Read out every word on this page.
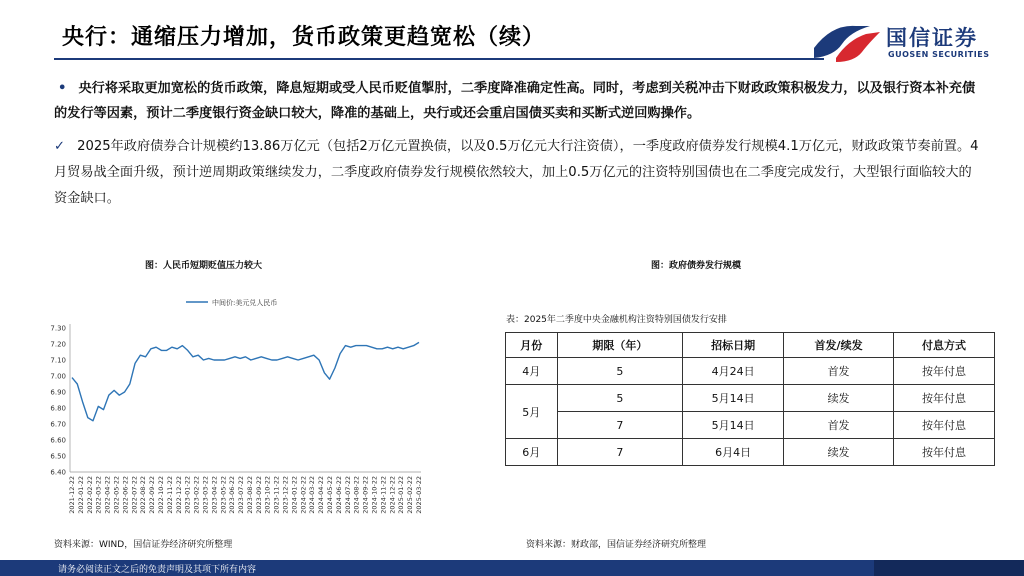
央行：通缩压力增加，货币政策更趋宽松（续）	国信证券
GUOSEN SECURITIES
• 央行将采取更加宽松的货币政策，降息短期或受人民币贬值掣肘，二季度降准确定性高。同时，考虑到关税冲击下财政政策积极发力，以及银行资本补充债的发行等因素，预计二季度银行资金缺口较大，降准的基础上，央行或还会重启国债买卖和买断式逆回购操作。
✓ 2025年政府债券合计规模约13.86万亿元（包括2万亿元置换债，以及0.5万亿元大行注资债），一季度政府债券发行规模4.1万亿元，财政政策节奏前置。4月贸易战全面升级，预计逆周期政策继续发力，二季度政府债券发行规模依然较大，加上0.5万亿元的注资特别国债也在二季度完成发行，大型银行面临较大的资金缺口。
图：人民币短期贬值压力较大	图：政府债券发行规模
中间价:美元兑人民币
7.30
7.20
7.10
7.00
6.90
6.80
6.70
6.60
6.50
6.40
2021-12-22 2022-01-22 2022-02-22 2022-03-22 2022-04-22 2022-05-22 2022-06-22 2022-07-22 2022-08-22 2022-09-22 2022-10-22 2022-11-22 2022-12-22 2023-01-22 2023-02-22 2023-03-22 2023-04-22 2023-05-22 2023-06-22 2023-07-22 2023-08-22 2023-09-22 2023-10-22 2023-11-22 2023-12-22 2024-01-22 2024-02-22 2024-03-22 2024-04-22 2024-05-22 2024-06-22 2024-07-22 2024-08-22 2024-09-22 2024-10-22 2024-11-22 2024-12-22 2025-01-22 2025-02-22 2025-03-22
表：2025年二季度中央金融机构注资特别国债发行安排
月份	期限（年）	招标日期	首发/续发	付息方式
4月	5	4月24日	首发	按年付息
5月	5	5月14日	续发	按年付息
	7	5月14日	首发	按年付息
6月	7	6月4日	续发	按年付息
资料来源：WIND，国信证券经济研究所整理	资料来源：财政部，国信证券经济研究所整理
请务必阅读正文之后的免责声明及其项下所有内容
